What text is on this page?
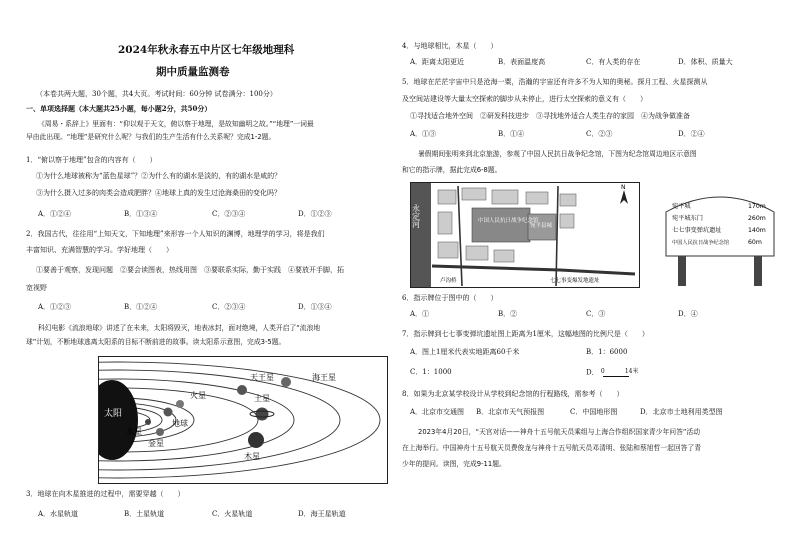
2024年秋永春五中片区七年级地理科
期中质量监测卷
（本卷共两大题，30个题，共4大页。考试时间：60分钟 试卷满分：100分）
一、单项选择题（本大题共25小题，每小题2分，共50分）
《周易・系辞上》里面有：“仰以观于天文，俯以察于地理，是故知幽明之故。”“地理”一词最
早由此出现。“地理”是研究什么呢？与我们的生产生活有什么关系呢？完成1-2题。
1．“俯以察于地理”包含的内容有（　　）
①为什么地球被称为“蓝色星球”？②为什么有的湖水是淡的，有的湖水是咸的？
③为什么摄入过多的肉类会造成肥胖？④地球上真的发生过沧海桑田的变化吗？
A．①②④	B．①③④	C．②③④	D．①②③
2．我国古代，往往用“上知天文，下知地理”来形容一个人知识的渊博，地理学的学习，将是我们
丰富知识、充满智慧的学习。学好地理（　　）
①要善于观察，发现问题　②要会读图表，热线用图　③要联系实际，勤于实践　④要放开手脚，拓
宽视野
A．①②③	B．①②④	C．②③④	D．①③④
科幻电影《流浪地球》讲述了在未来，太阳将毁灭，地表冰封，面对绝境，人类开启了“流浪地
球”计划，不断地球逃离太阳系的目标不断前进的故事。读太阳系示意图，完成3-5题。
太阳
水星
金星
地球
火星
木星
土星
天王星	海王星
3．地球在向木星推进的过程中，需要穿越（　　）
A．水星轨道	B．土星轨道	C．火星轨道	D．海王星轨道
4．与地球相比，木星（　　）
A．距离太阳更近	B．表面温度高	C．有人类的存在	D．体积、质量大
5．地球在茫茫宇宙中只是沧海一粟，浩瀚的宇宙还有许多不为人知的奥秘。探月工程、火星探测从
及空间站建设等大量太空探索的脚步从未停止，进行太空探索的意义有（　　）
①寻找适合地外空间　②研发科技进步　③寻找地外适合人类生存的家园　④为战争做准备
A．①③	B．①④	C．②③	D．②④
暑假期间张明来到北京旅游，参观了中国人民抗日战争纪念馆，下图为纪念馆周边地区示意图
和它的指示牌，据此完成6-8题。
永定河	中国人民抗日战争纪念馆
宛平县城
卢沟桥	七七事变爆发地遗址
N
宛平城	170m
宛平城东门	260m
七七事变弹坑遗址	140m
中国人民抗日战争纪念馆	60m
6．指示牌位于图中的（　　）
A．①	B．②	C．③	D．④
7．指示牌到七七事变弹坑遗址图上距离为1厘米，这幅地图的比例尺是（　　）
A．图上1厘米代表实地距离60千米	B．1：6000
C．1：1000	D． 0	14米
8．如果为北京某学校设计从学校到纪念馆的行程路线，需参考（　　）
A．北京市交通图 B．北京市天气预报图	C．中国地形图	D．北京市土地利用类型图
2023年4月20日，“天宫对话——神舟十五号航天员乘组与上海合作组织国家青少年问答”活动
在上海举行。中国神舟十五号航天员费俊龙与神舟十五号航天员邓清明、张陆和蔡旭哲一起回答了青
少年的提问。读图，完成9-11题。
